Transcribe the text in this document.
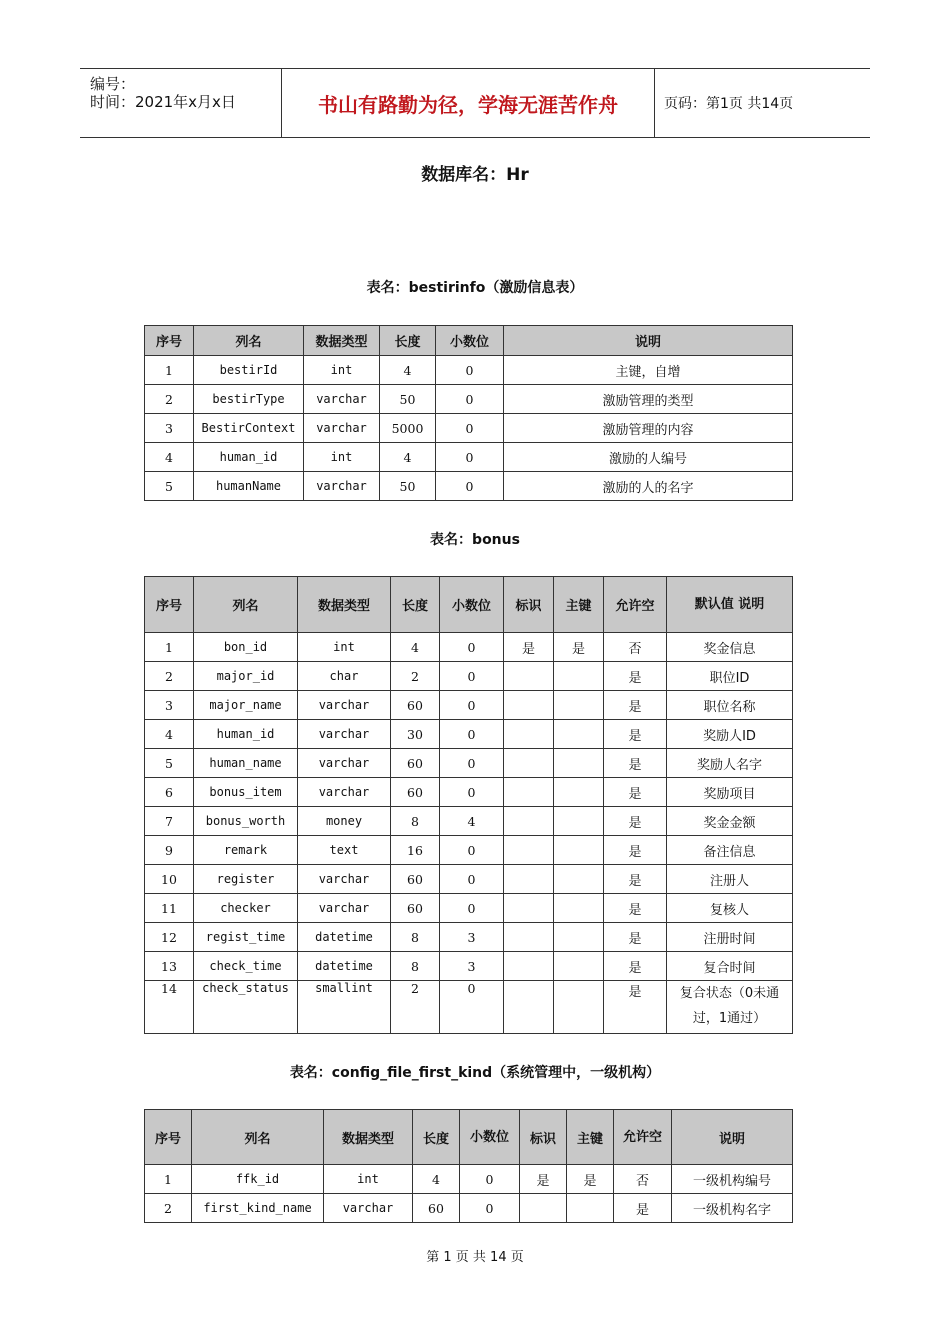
编号：
时间：2021年x月x日	书山有路勤为径，学海无涯苦作舟	页码：第1页 共14页
数据库名：Hr
表名：bestirinfo（激励信息表）
序号	列名	数据类型	长度	小数位	说明
1	bestirId	int	4	0	主键，自增
2	bestirType	varchar	50	0	激励管理的类型
3	BestirContext	varchar	5000	0	激励管理的内容
4	human_id	int	4	0	激励的人编号
5	humanName	varchar	50	0	激励的人的名字
表名：bonus
序号	列名	数据类型	长度	小数位	标识	主键	允许空	默认值 说明
1	bon_id	int	4	0	是	是	否	奖金信息
2	major_id	char	2	0			是	职位ID
3	major_name	varchar	60	0			是	职位名称
4	human_id	varchar	30	0			是	奖励人ID
5	human_name	varchar	60	0			是	奖励人名字
6	bonus_item	varchar	60	0			是	奖励项目
7	bonus_worth	money	8	4			是	奖金金额
9	remark	text	16	0			是	备注信息
10	register	varchar	60	0			是	注册人
11	checker	varchar	60	0			是	复核人
12	regist_time	datetime	8	3			是	注册时间
13	check_time	datetime	8	3			是	复合时间
14	check_status	smallint	2	0			是	复合状态（0未通过，1通过）
表名：config_file_first_kind（系统管理中，一级机构）
序号	列名	数据类型	长度	小数位	标识	主键	允许空	说明
1	ffk_id	int	4	0	是	是	否	一级机构编号
2	first_kind_name	varchar	60	0			是	一级机构名字
第 1 页 共 14 页
